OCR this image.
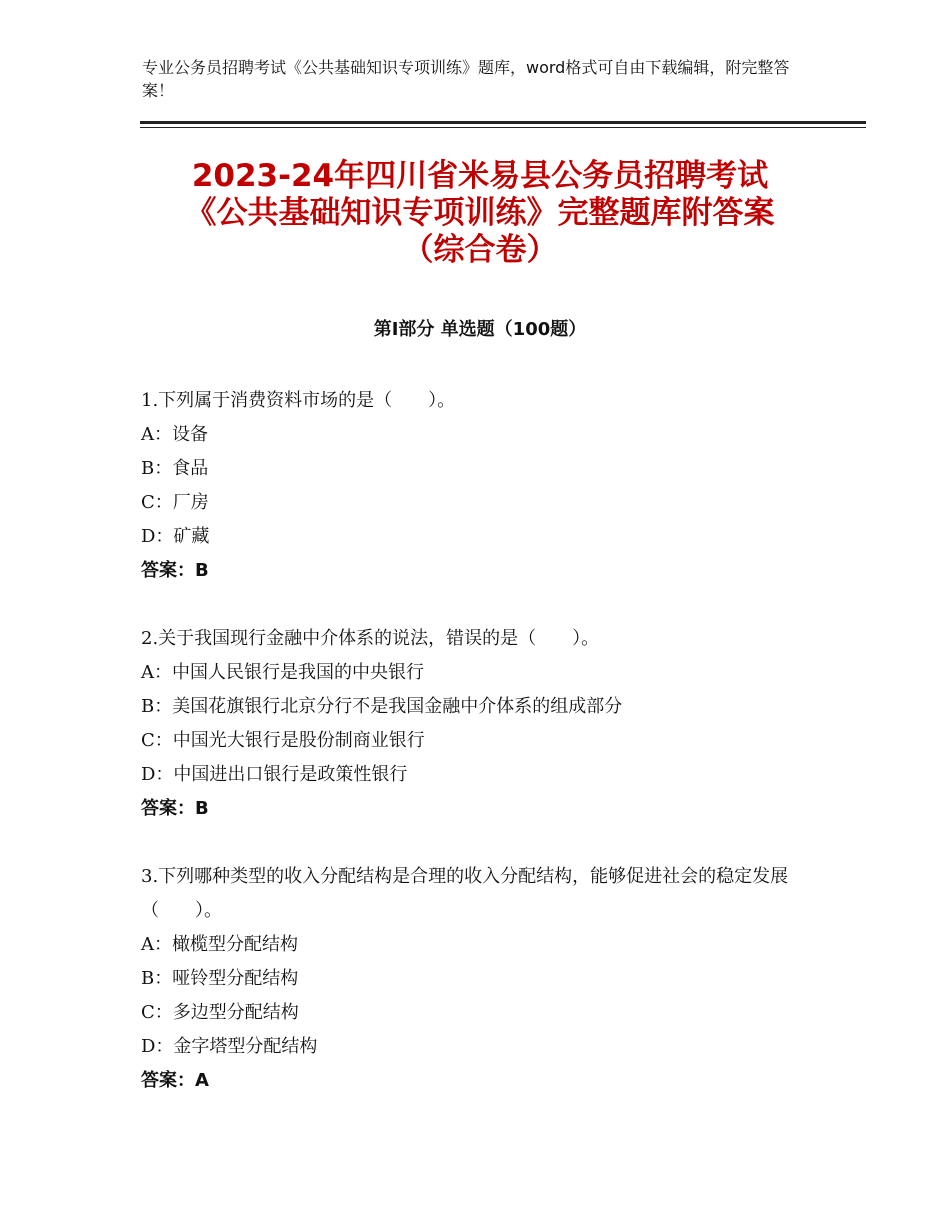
专业公务员招聘考试《公共基础知识专项训练》题库，word格式可自由下载编辑，附完整答案！
2023-24年四川省米易县公务员招聘考试
《公共基础知识专项训练》完整题库附答案
（综合卷）
第Ⅰ部分 单选题（100题）
1.下列属于消费资料市场的是（　　）。
A：设备
B：食品
C：厂房
D：矿藏
答案：B
2.关于我国现行金融中介体系的说法，错误的是（　　）。
A：中国人民银行是我国的中央银行
B：美国花旗银行北京分行不是我国金融中介体系的组成部分
C：中国光大银行是股份制商业银行
D：中国进出口银行是政策性银行
答案：B
3.下列哪种类型的收入分配结构是合理的收入分配结构，能够促进社会的稳定发展（　　）。
A：橄榄型分配结构
B：哑铃型分配结构
C：多边型分配结构
D：金字塔型分配结构
答案：A
